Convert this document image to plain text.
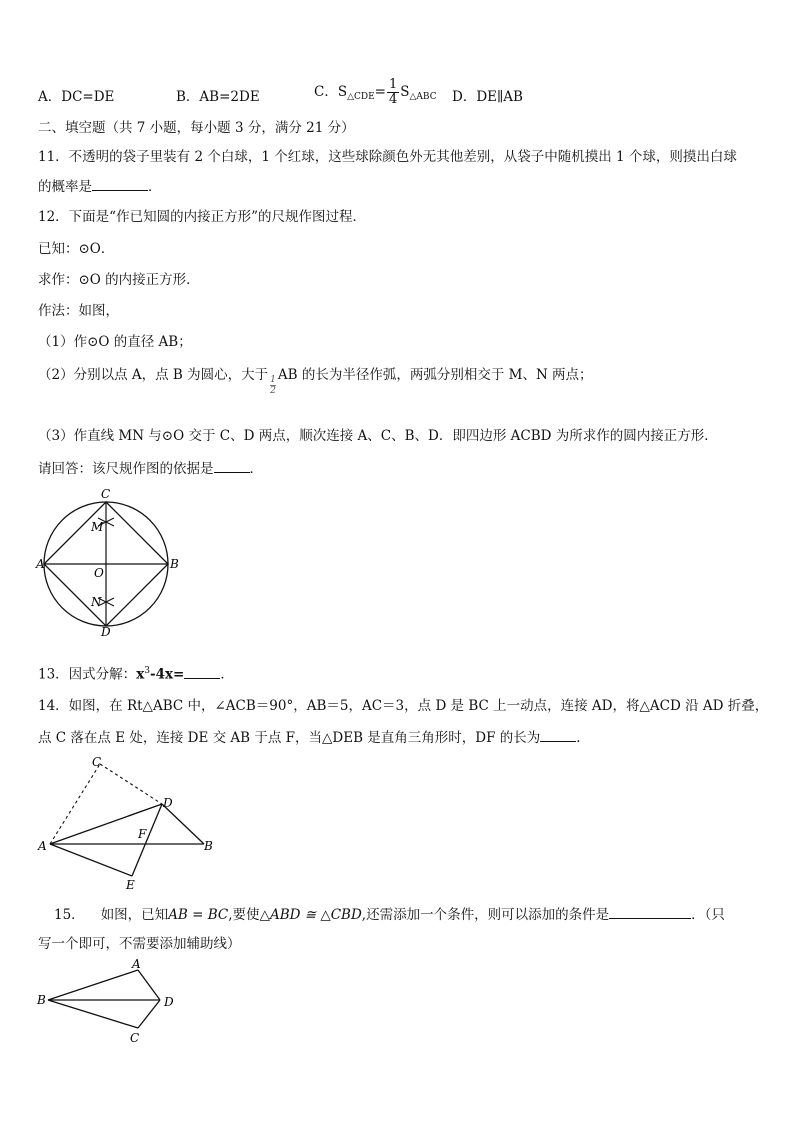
A．DC=DE	B．AB=2DE	C．$S_{\triangle CDE}= \frac{1}{4} S_{\triangle ABC}$ D．DE∥AB
二、填空题（共 7 小题，每小题 3 分，满分 21 分）
11．不透明的袋子里装有 2 个白球，1 个红球，这些球除颜色外无其他差别，从袋子中随机摸出 1 个球，则摸出白球
的概率是	．
12．下面是“作已知圆的内接正方形”的尺规作图过程．
已知：⊙O．
求作：⊙O 的内接正方形．
作法：如图，
（1）作⊙O 的直径 AB；
（2）分别以点 A，点 B 为圆心，大于 $\frac{1}{2}$ AB 的长为半径作弧，两弧分别相交于 M、N 两点；
（3）作直线 MN 与⊙O 交于 C、D 两点，顺次连接 A、C、B、D．即四边形 ACBD 为所求作的圆内接正方形．
请回答：该尺规作图的依据是	．
C
M
A
O
B
N
D
13．因式分解：$x^3-4x=$	．
14．如图，在 Rt△ABC 中，∠ACB＝90°，AB＝5，AC＝3，点 D 是 BC 上一动点，连接 AD，将△ACD 沿 AD 折叠，
点 C 落在点 E 处，连接 DE 交 AB 于点 F，当△DEB 是直角三角形时，DF 的长为	．
C
D
A
F
B
E
15． 如图，已知AB = BC,要使△ABD ≅ △CBD,还需添加一个条件，则可以添加的条件是	．（只
写一个即可，不需要添加辅助线）
A
B	D
C
